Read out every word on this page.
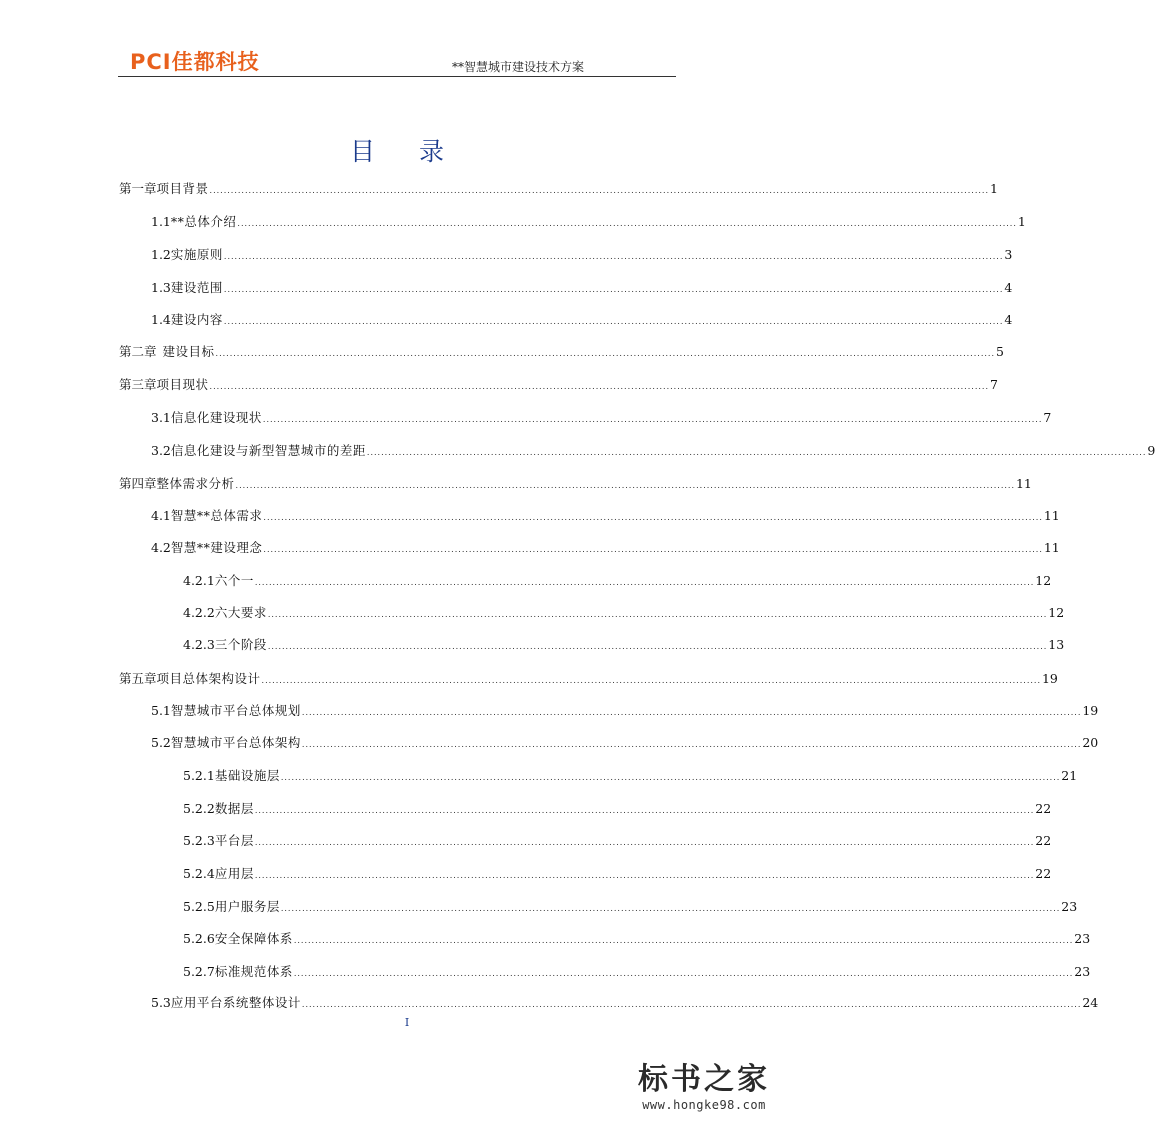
PCI佳都科技	**智慧城市建设技术方案
目 录
第一章 项目背景 ............................................................................................................................................................................................................................ 1
1.1 **总体介绍 ............................................................................................................................................................................................................................ 1
1.2 实施原则 ............................................................................................................................................................................................................................ 3
1.3 建设范围 ............................................................................................................................................................................................................................ 4
1.4 建设内容 ............................................................................................................................................................................................................................ 4
第二章 建设目标 ............................................................................................................................................................................................................................ 5
第三章 项目现状 ............................................................................................................................................................................................................................ 7
3.1 信息化建设现状 ............................................................................................................................................................................................................................ 7
3.2 信息化建设与新型智慧城市的差距 ............................................................................................................................................................................................................................ 9
第四章 整体需求分析 ............................................................................................................................................................................................................................ 11
4.1 智慧**总体需求 ............................................................................................................................................................................................................................ 11
4.2 智慧**建设理念 ............................................................................................................................................................................................................................ 11
4.2.1 六个一 ............................................................................................................................................................................................................................ 12
4.2.2 六大要求 ............................................................................................................................................................................................................................ 12
4.2.3 三个阶段 ............................................................................................................................................................................................................................ 13
第五章 项目总体架构设计 ............................................................................................................................................................................................................................ 19
5.1 智慧城市平台总体规划 ............................................................................................................................................................................................................................ 19
5.2 智慧城市平台总体架构 ............................................................................................................................................................................................................................ 20
5.2.1 基础设施层 ............................................................................................................................................................................................................................ 21
5.2.2 数据层 ............................................................................................................................................................................................................................ 22
5.2.3 平台层 ............................................................................................................................................................................................................................ 22
5.2.4 应用层 ............................................................................................................................................................................................................................ 22
5.2.5 用户服务层 ............................................................................................................................................................................................................................ 23
5.2.6 安全保障体系 ............................................................................................................................................................................................................................ 23
5.2.7 标准规范体系 ............................................................................................................................................................................................................................ 23
5.3 应用平台系统整体设计 ............................................................................................................................................................................................................................ 24
I
标书之家
www.hongke98.com
